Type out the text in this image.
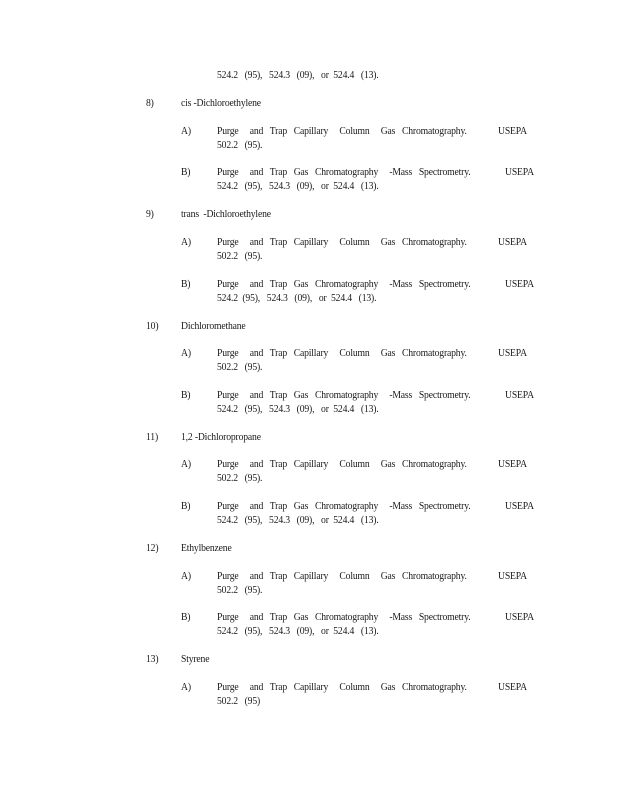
524.2   (95),   524.3   (09),   or  524.4   (13).
8) cis -Dichloroethylene
A) Purge     and   Trap   Capillary     Column     Gas   Chromatography.	USEPA
502.2   (95).
B) Purge     and   Trap   Gas   Chromatography     -Mass   Spectrometry.	USEPA
524.2   (95),   524.3   (09),   or  524.4   (13).
9) trans  -Dichloroethylene
A) Purge     and   Trap   Capillary     Column     Gas   Chromatography.	USEPA
502.2   (95).
B) Purge     and   Trap   Gas   Chromatography     -Mass   Spectrometry.	USEPA
524.2  (95),   524.3   (09),   or  524.4   (13).
10) Dichloromethane
A) Purge     and   Trap   Capillary     Column     Gas   Chromatography.	USEPA
502.2   (95).
B) Purge     and   Trap   Gas   Chromatography     -Mass   Spectrometry.	USEPA
524.2   (95),   524.3   (09),   or  524.4   (13).
11) 1,2 -Dichloropropane
A) Purge     and   Trap   Capillary     Column     Gas   Chromatography.	USEPA
502.2   (95).
B) Purge     and   Trap   Gas   Chromatography     -Mass   Spectrometry.	USEPA
524.2   (95),   524.3   (09),   or  524.4   (13).
12) Ethylbenzene
A) Purge     and   Trap   Capillary     Column     Gas   Chromatography.	USEPA
502.2   (95).
B) Purge     and   Trap   Gas   Chromatography     -Mass   Spectrometry.	USEPA
524.2   (95),   524.3   (09),   or  524.4   (13).
13) Styrene
A) Purge     and   Trap   Capillary     Column     Gas   Chromatography.	USEPA
502.2   (95)
